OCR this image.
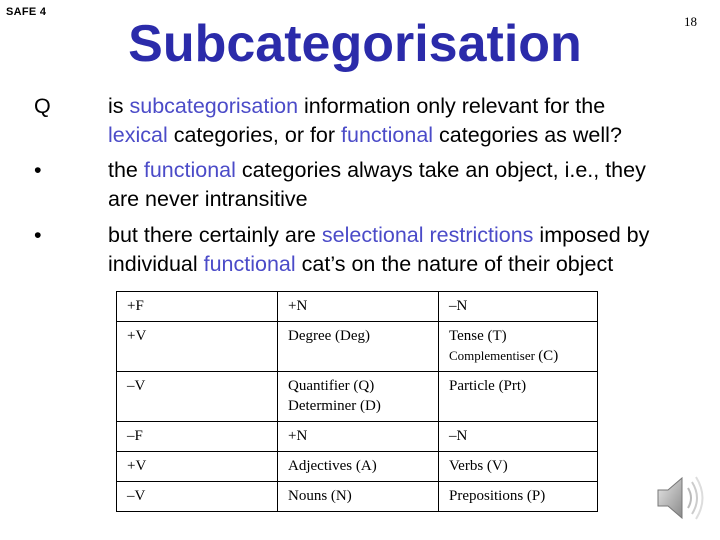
SAFE 4
Subcategorisation	18
Q	is subcategorisation information only relevant for the
lexical categories, or for functional categories as well?
•	the functional categories always take an object, i.e., they
are never intransitive
•	but there certainly are selectional restrictions imposed by
individual functional cat’s on the nature of their object
+F	+N	–N
+V	Degree (Deg)	Tense (T)
Complementiser (C)

–V	Quantifier (Q)
Determiner (D)	Particle (Prt)
–F	+N	–N
+V	Adjectives (A)	Verbs (V)
–V	Nouns (N)	Prepositions (P)
